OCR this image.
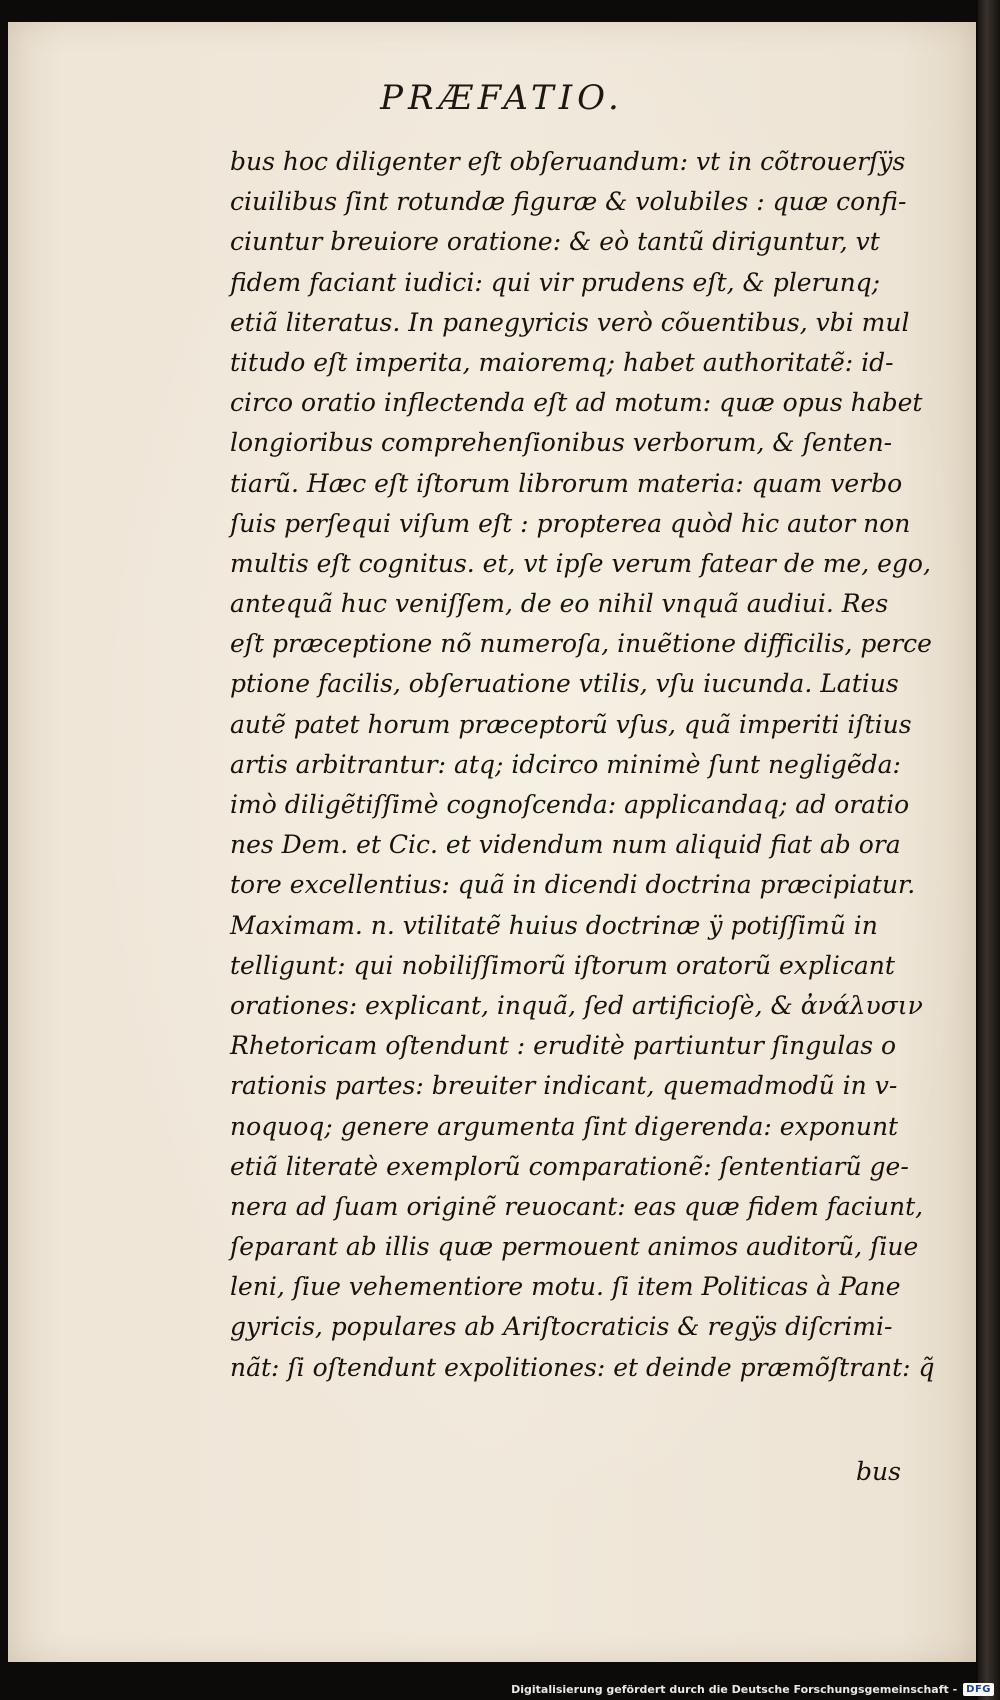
PRÆFATIO.
bus hoc diligenter eſt obſeruandum: vt in cõtrouerſÿs
ciuilibus ſint rotundæ figuræ & volubiles : quæ confi-
ciuntur breuiore oratione: & eò tantũ diriguntur, vt
fidem faciant iudici: qui vir prudens eſt, & plerunq;
etiã literatus. In panegyricis verò cõuentibus, vbi mul
titudo eſt imperita, maioremq; habet authoritatẽ: id-
circo oratio inflectenda eſt ad motum: quæ opus habet
longioribus comprehenſionibus verborum, & ſenten-
tiarũ. Hæc eſt iſtorum librorum materia: quam verbo
ſuis perſequi viſum eſt : propterea quòd hic autor non
multis eſt cognitus. et, vt ipſe verum fatear de me, ego,
antequã huc veniſſem, de eo nihil vnquã audiui. Res
eſt præceptione nõ numeroſa, inuẽtione difficilis, perce
ptione facilis, obſeruatione vtilis, vſu iucunda. Latius
autẽ patet horum præceptorũ vſus, quã imperiti iſtius
artis arbitrantur: atq; idcirco minimè ſunt negligẽda:
imò diligẽtiſſimè cognoſcenda: applicandaq; ad oratio
nes Dem. et Cic. et videndum num aliquid fiat ab ora
tore excellentius: quã in dicendi doctrina præcipiatur.
Maximam. n. vtilitatẽ huius doctrinæ ÿ potiſſimũ in
telligunt: qui nobiliſſimorũ iſtorum oratorũ explicant
orationes: explicant, inquã, ſed artificioſè, & ἀνάλυσιν
Rhetoricam oſtendunt : eruditè partiuntur ſingulas o
rationis partes: breuiter indicant, quemadmodũ in v-
noquoq; genere argumenta ſint digerenda: exponunt
etiã literatè exemplorũ comparationẽ: ſententiarũ ge-
nera ad ſuam originẽ reuocant: eas quæ fidem faciunt,
ſeparant ab illis quæ permouent animos auditorũ, ſiue
leni, ſiue vehementiore motu. ſi item Politicas à Pane
gyricis, populares ab Ariſtocraticis & regÿs diſcrimi-
nãt: ſi oſtendunt expolitiones: et deinde præmõſtrant: q̃
bus
Digitalisierung gefördert durch die Deutsche Forschungsgemeinschaft - DFG
